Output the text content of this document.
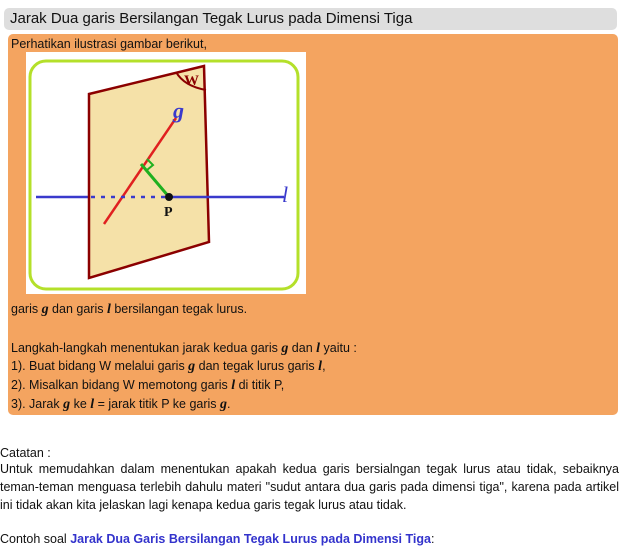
Jarak Dua garis Bersilangan Tegak Lurus pada Dimensi Tiga

Perhatikan ilustrasi gambar berikut,

W
g
l
P

garis g dan garis l bersilangan tegak lurus.

Langkah-langkah menentukan jarak kedua garis g dan l yaitu :

1). Buat bidang W melalui garis g dan tegak lurus garis l,

2). Misalkan bidang W memotong garis l di titik P,

3). Jarak g ke l = jarak titik P ke garis g.

Catatan :

Untuk memudahkan dalam menentukan apakah kedua garis bersialngan tegak lurus atau tidak, sebaiknya teman-teman menguasa terlebih dahulu materi "sudut antara dua garis pada dimensi tiga", karena pada artikel ini tidak akan kita jelaskan lagi kenapa kedua garis tegak lurus atau tidak.

Contoh soal Jarak Dua Garis Bersilangan Tegak Lurus pada Dimensi Tiga:
